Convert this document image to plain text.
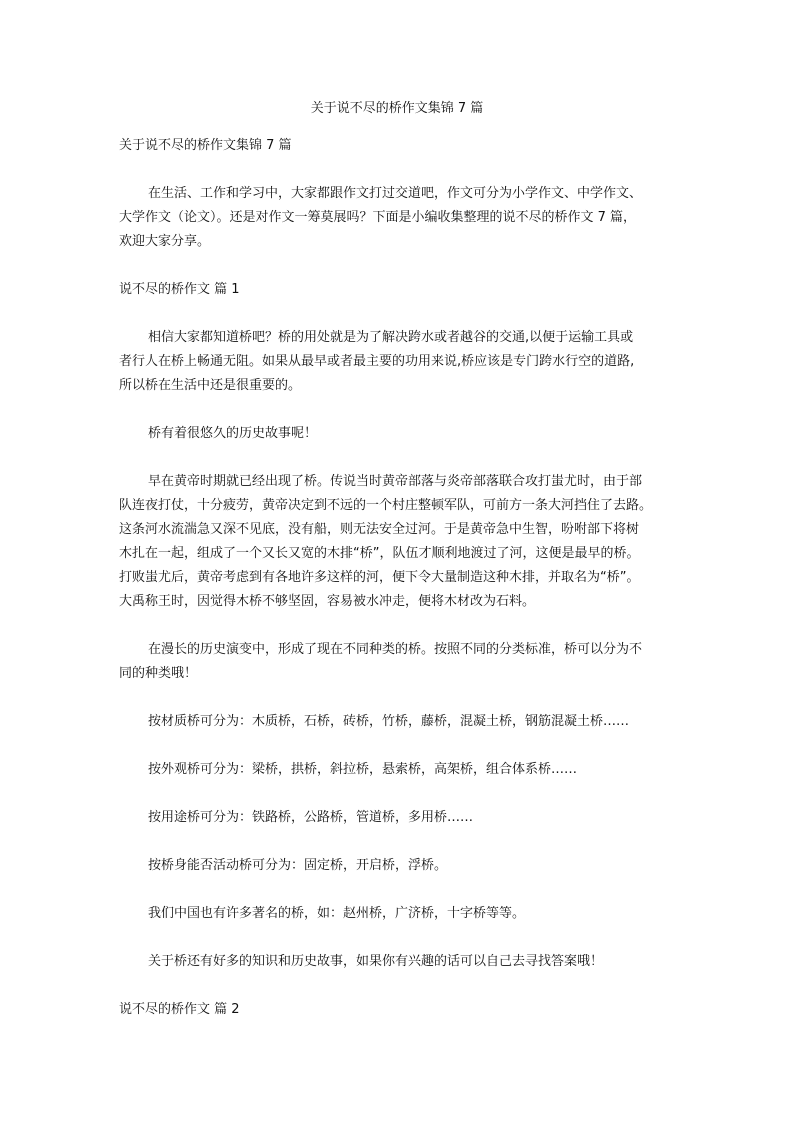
关于说不尽的桥作文集锦 7 篇
关于说不尽的桥作文集锦 7 篇
在生活、工作和学习中，大家都跟作文打过交道吧，作文可分为小学作文、中学作文、
大学作文（论文）。还是对作文一筹莫展吗？下面是小编收集整理的说不尽的桥作文 7 篇，
欢迎大家分享。
说不尽的桥作文 篇 1
相信大家都知道桥吧？桥的用处就是为了解决跨水或者越谷的交通,以便于运输工具或
者行人在桥上畅通无阻。如果从最早或者最主要的功用来说,桥应该是专门跨水行空的道路,
所以桥在生活中还是很重要的。
桥有着很悠久的历史故事呢！
早在黄帝时期就已经出现了桥。传说当时黄帝部落与炎帝部落联合攻打蚩尤时，由于部
队连夜打仗，十分疲劳，黄帝决定到不远的一个村庄整顿军队，可前方一条大河挡住了去路。
这条河水流湍急又深不见底，没有船，则无法安全过河。于是黄帝急中生智，吩咐部下将树
木扎在一起，组成了一个又长又宽的木排“桥”，队伍才顺利地渡过了河，这便是最早的桥。
打败蚩尤后，黄帝考虑到有各地许多这样的河，便下令大量制造这种木排，并取名为“桥”。
大禹称王时，因觉得木桥不够坚固，容易被水冲走，便将木材改为石料。
在漫长的历史演变中，形成了现在不同种类的桥。按照不同的分类标准，桥可以分为不
同的种类哦！
按材质桥可分为：木质桥，石桥，砖桥，竹桥，藤桥，混凝土桥，钢筋混凝土桥……
按外观桥可分为：梁桥，拱桥，斜拉桥，悬索桥，高架桥，组合体系桥……
按用途桥可分为：铁路桥，公路桥，管道桥，多用桥……
按桥身能否活动桥可分为：固定桥，开启桥，浮桥。
我们中国也有许多著名的桥，如：赵州桥，广济桥，十字桥等等。
关于桥还有好多的知识和历史故事，如果你有兴趣的话可以自己去寻找答案哦！
说不尽的桥作文 篇 2
